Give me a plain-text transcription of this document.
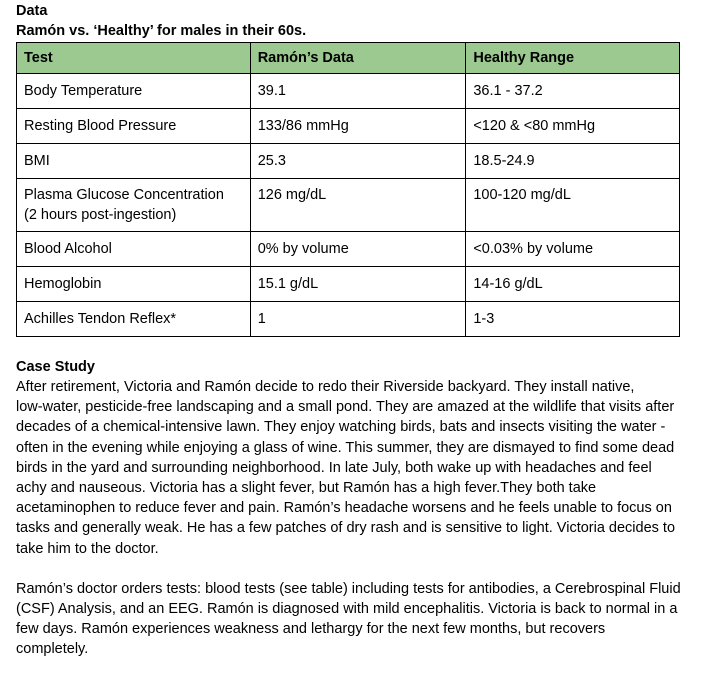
Data
Ramón vs. ‘Healthy’ for males in their 60s.
Test	Ramón’s Data	Healthy Range
Body Temperature	39.1	36.1 - 37.2
Resting Blood Pressure	133/86 mmHg	<120 & <80 mmHg
BMI	25.3	18.5-24.9

Plasma Glucose Concentration
(2 hours post-ingestion)	126 mg/dL	100-120 mg/dL
Blood Alcohol	0% by volume	<0.03% by volume
Hemoglobin	15.1 g/dL	14-16 g/dL
Achilles Tendon Reflex*	1	1-3
Case Study

After retirement, Victoria and Ramón decide to redo their Riverside backyard. They install native,
low-water, pesticide-free landscaping and a small pond. They are amazed at the wildlife that visits after
decades of a chemical-intensive lawn. They enjoy watching birds, bats and insects visiting the water -
often in the evening while enjoying a glass of wine. This summer, they are dismayed to find some dead
birds in the yard and surrounding neighborhood. In late July, both wake up with headaches and feel
achy and nauseous. Victoria has a slight fever, but Ramón has a high fever.They both take
acetaminophen to reduce fever and pain. Ramón’s headache worsens and he feels unable to focus on
tasks and generally weak. He has a few patches of dry rash and is sensitive to light. Victoria decides to
take him to the doctor.

Ramón’s doctor orders tests: blood tests (see table) including tests for antibodies, a Cerebrospinal Fluid
(CSF) Analysis, and an EEG. Ramón is diagnosed with mild encephalitis. Victoria is back to normal in a
few days. Ramón experiences weakness and lethargy for the next few months, but recovers
completely.
